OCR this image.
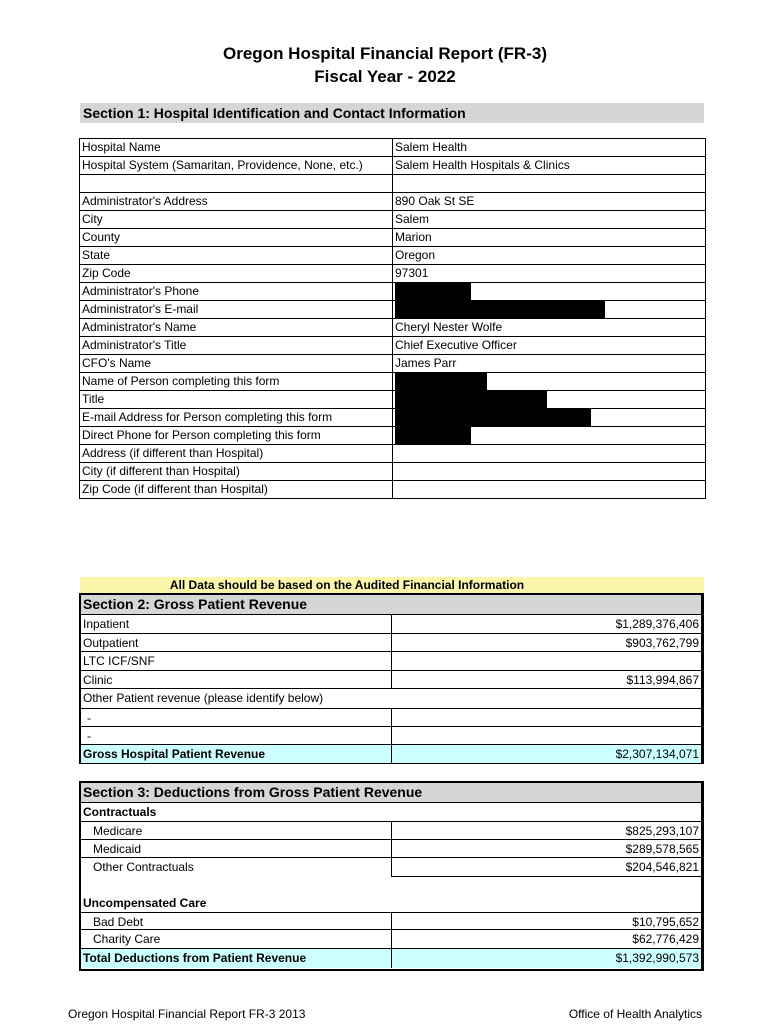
Oregon Hospital Financial Report (FR-3)
Fiscal Year - 2022
Section 1: Hospital Identification and Contact Information
Hospital Name	Salem Health
Hospital System (Samaritan, Providence, None, etc.)	Salem Health Hospitals & Clinics

Administrator's Address	890 Oak St SE
City	Salem
County	Marion
State	Oregon
Zip Code	97301
Administrator's Phone	
Administrator's E-mail	
Administrator's Name	Cheryl Nester Wolfe
Administrator's Title	Chief Executive Officer
CFO's Name	James Parr
Name of Person completing this form	
Title	
E-mail Address for Person completing this form	
Direct Phone for Person completing this form	
Address (if different than Hospital)	
City (if different than Hospital)	
Zip Code (if different than Hospital)	
All Data should be based on the Audited Financial Information
Section 2: Gross Patient Revenue
Inpatient	$1,289,376,406
Outpatient	$903,762,799
LTC ICF/SNF
Clinic	$113,994,867
Other Patient revenue (please identify below)
-
-
Gross Hospital Patient Revenue	$2,307,134,071
Section 3: Deductions from Gross Patient Revenue
Contractuals
Medicare	$825,293,107
Medicaid	$289,578,565
Other Contractuals	$204,546,821
Uncompensated Care
Bad Debt	$10,795,652
Charity Care	$62,776,429
Total Deductions from Patient Revenue	$1,392,990,573
Oregon Hospital Financial Report FR-3 2013	Office of Health Analytics
